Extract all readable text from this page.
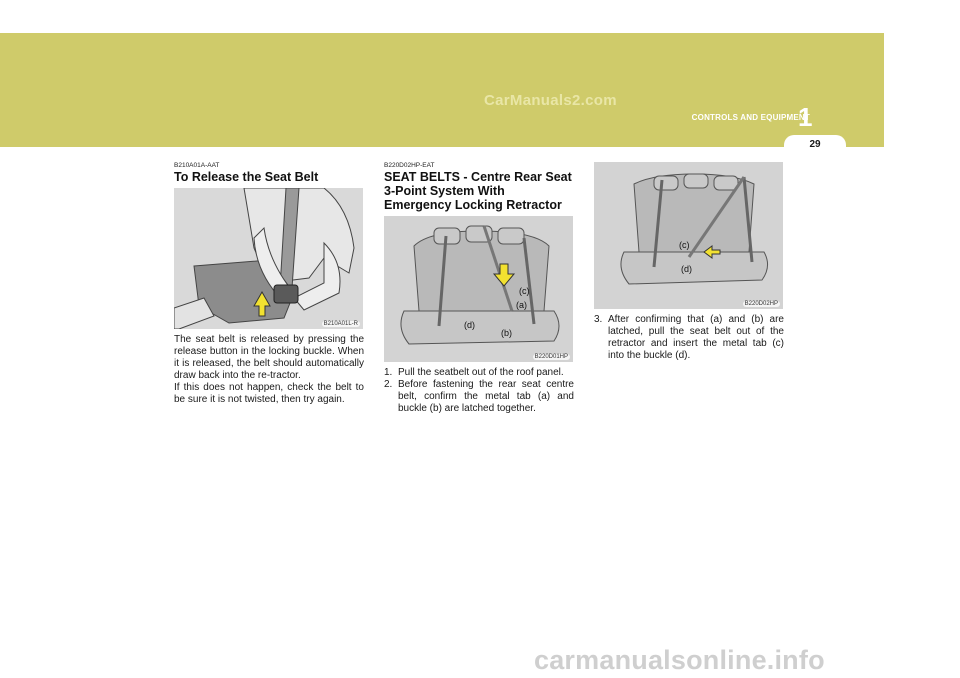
CarManuals2.com
CONTROLS AND EQUIPMENT
1
29
B210A01A-AAT
To Release the Seat Belt
B210A01L-R
The seat belt is released by pressing the release button in the locking buckle. When it is released, the belt should automatically draw back into the re-tractor.
If this does not happen, check the belt to be sure it is not twisted, then try again.
B220D02HP-EAT
SEAT BELTS - Centre Rear Seat 3-Point System With Emergency Locking Retractor
(c)
(a)
(d)
(b)
B220D01HP
1. Pull the seatbelt out of the roof panel.
2. Before fastening the rear seat centre belt, confirm the metal tab (a) and buckle (b) are latched together.
(c)
(d)
B220D02HP
3. After confirming that (a) and (b) are latched, pull the seat belt out of the retractor and insert the metal tab (c) into the buckle (d).
carmanualsonline.info
